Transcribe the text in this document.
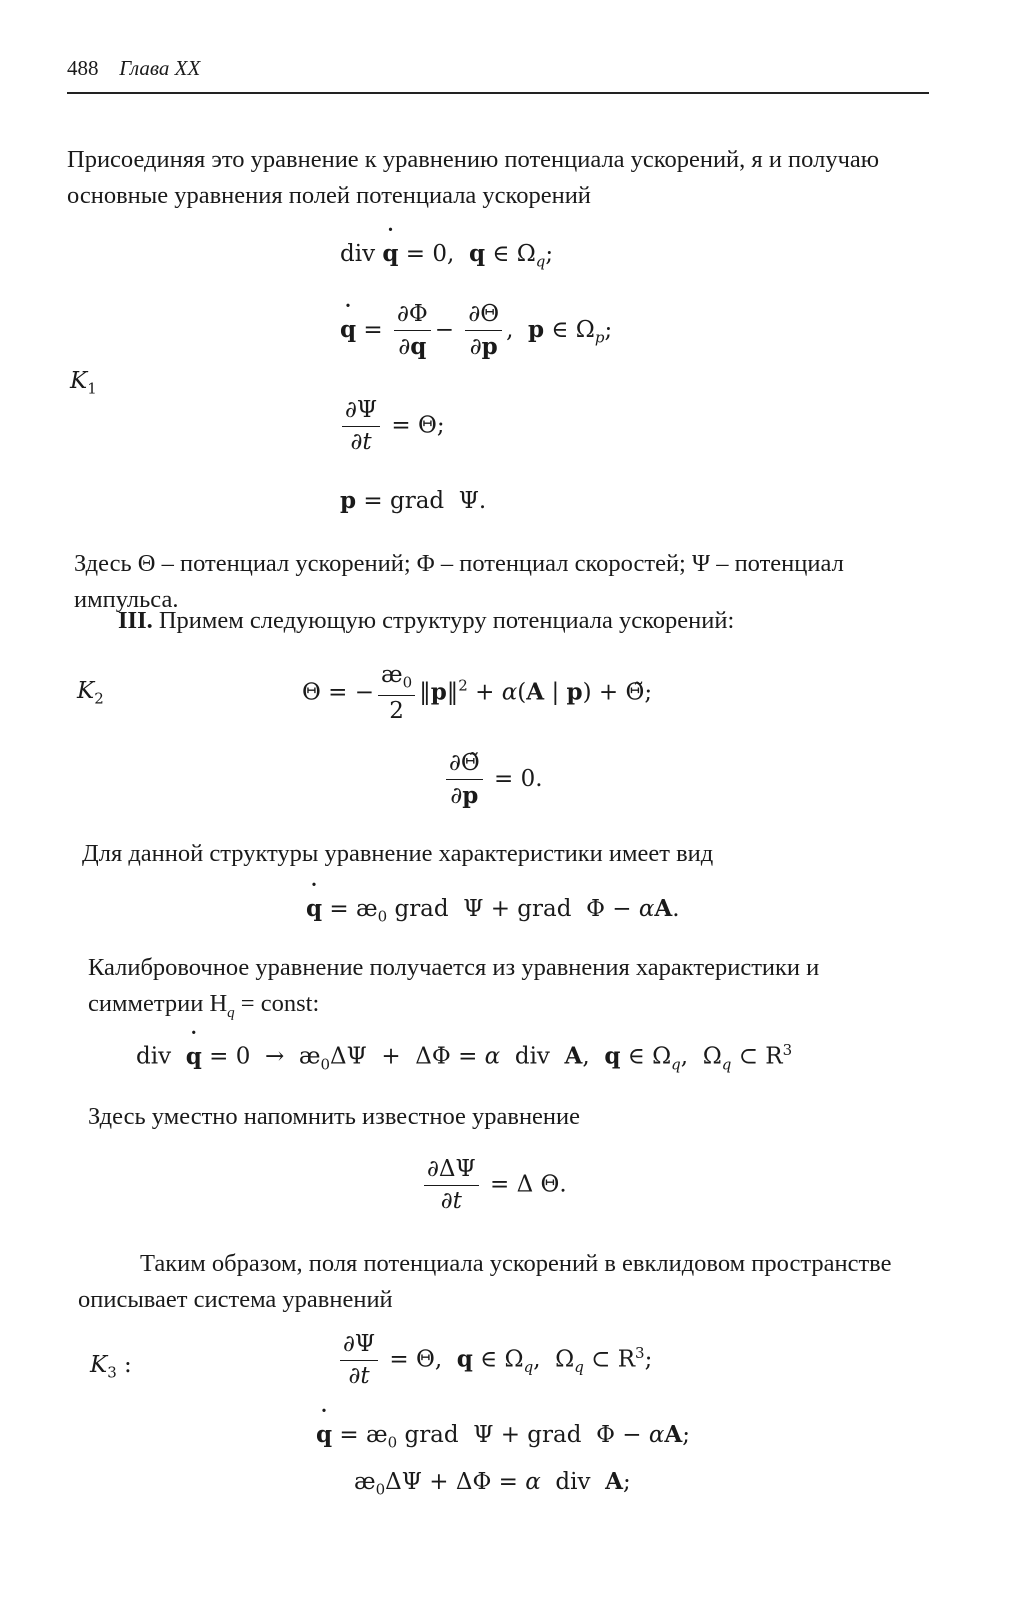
488 Глава XX
Присоединяя это уравнение к уравнению потенциала ускорений, я и получаю основные уравнения полей потенциала ускорений
div ˙ q = 0,  q ∈ $\Omega_q$;
˙ $q = \frac{\partial\Phi}{\partial q} - \frac{\partial\Theta}{\partial p}$ ,  p ∈ $\Omega_p$;
$K_1$
$\frac{\partial\Psi}{\partial t} = \Theta$;
p = grad  Ψ.
Здесь Θ – потенциал ускорений; Φ – потенциал скоростей; Ψ – потенциал импульса.
III. Примем следующую структуру потенциала ускорений:
$K_2$	Θ = − $\frac{æ_0}{2}$ ‖p‖$^2$ + α(A | p) + Θ̃;
$\frac{\partial\Thetã}{\partial p} = 0$.
Для данной структуры уравнение характеристики имеет вид
˙ $q = æ_0$ grad  Ψ + grad  Φ − αA.
Калибровочное уравнение получается из уравнения характеристики и симметрии $H_q$ = const:
div  ˙ $q = 0 \to æ_0\Delta\Psi + \Delta\Phi = \alpha$  div  A,  q ∈ $\Omega_q$,  $\Omega_q$ ⊂ $R^3$
Здесь уместно напомнить известное уравнение
$\frac{\partial\Delta\Psi}{\partial t} = \Delta$ Θ.
Таким образом, поля потенциала ускорений в евклидовом пространстве описывает система уравнений
$K_3$ :	$\frac{\partial\Psi}{\partial t} = \Theta$,  q ∈ $\Omega_q$,  $\Omega_q$ ⊂ $R^3$;
˙ $q = æ_0$ grad  Ψ + grad  Φ − αA;
$æ_0\Delta\Psi + \Delta\Phi = \alpha$  div  A;
